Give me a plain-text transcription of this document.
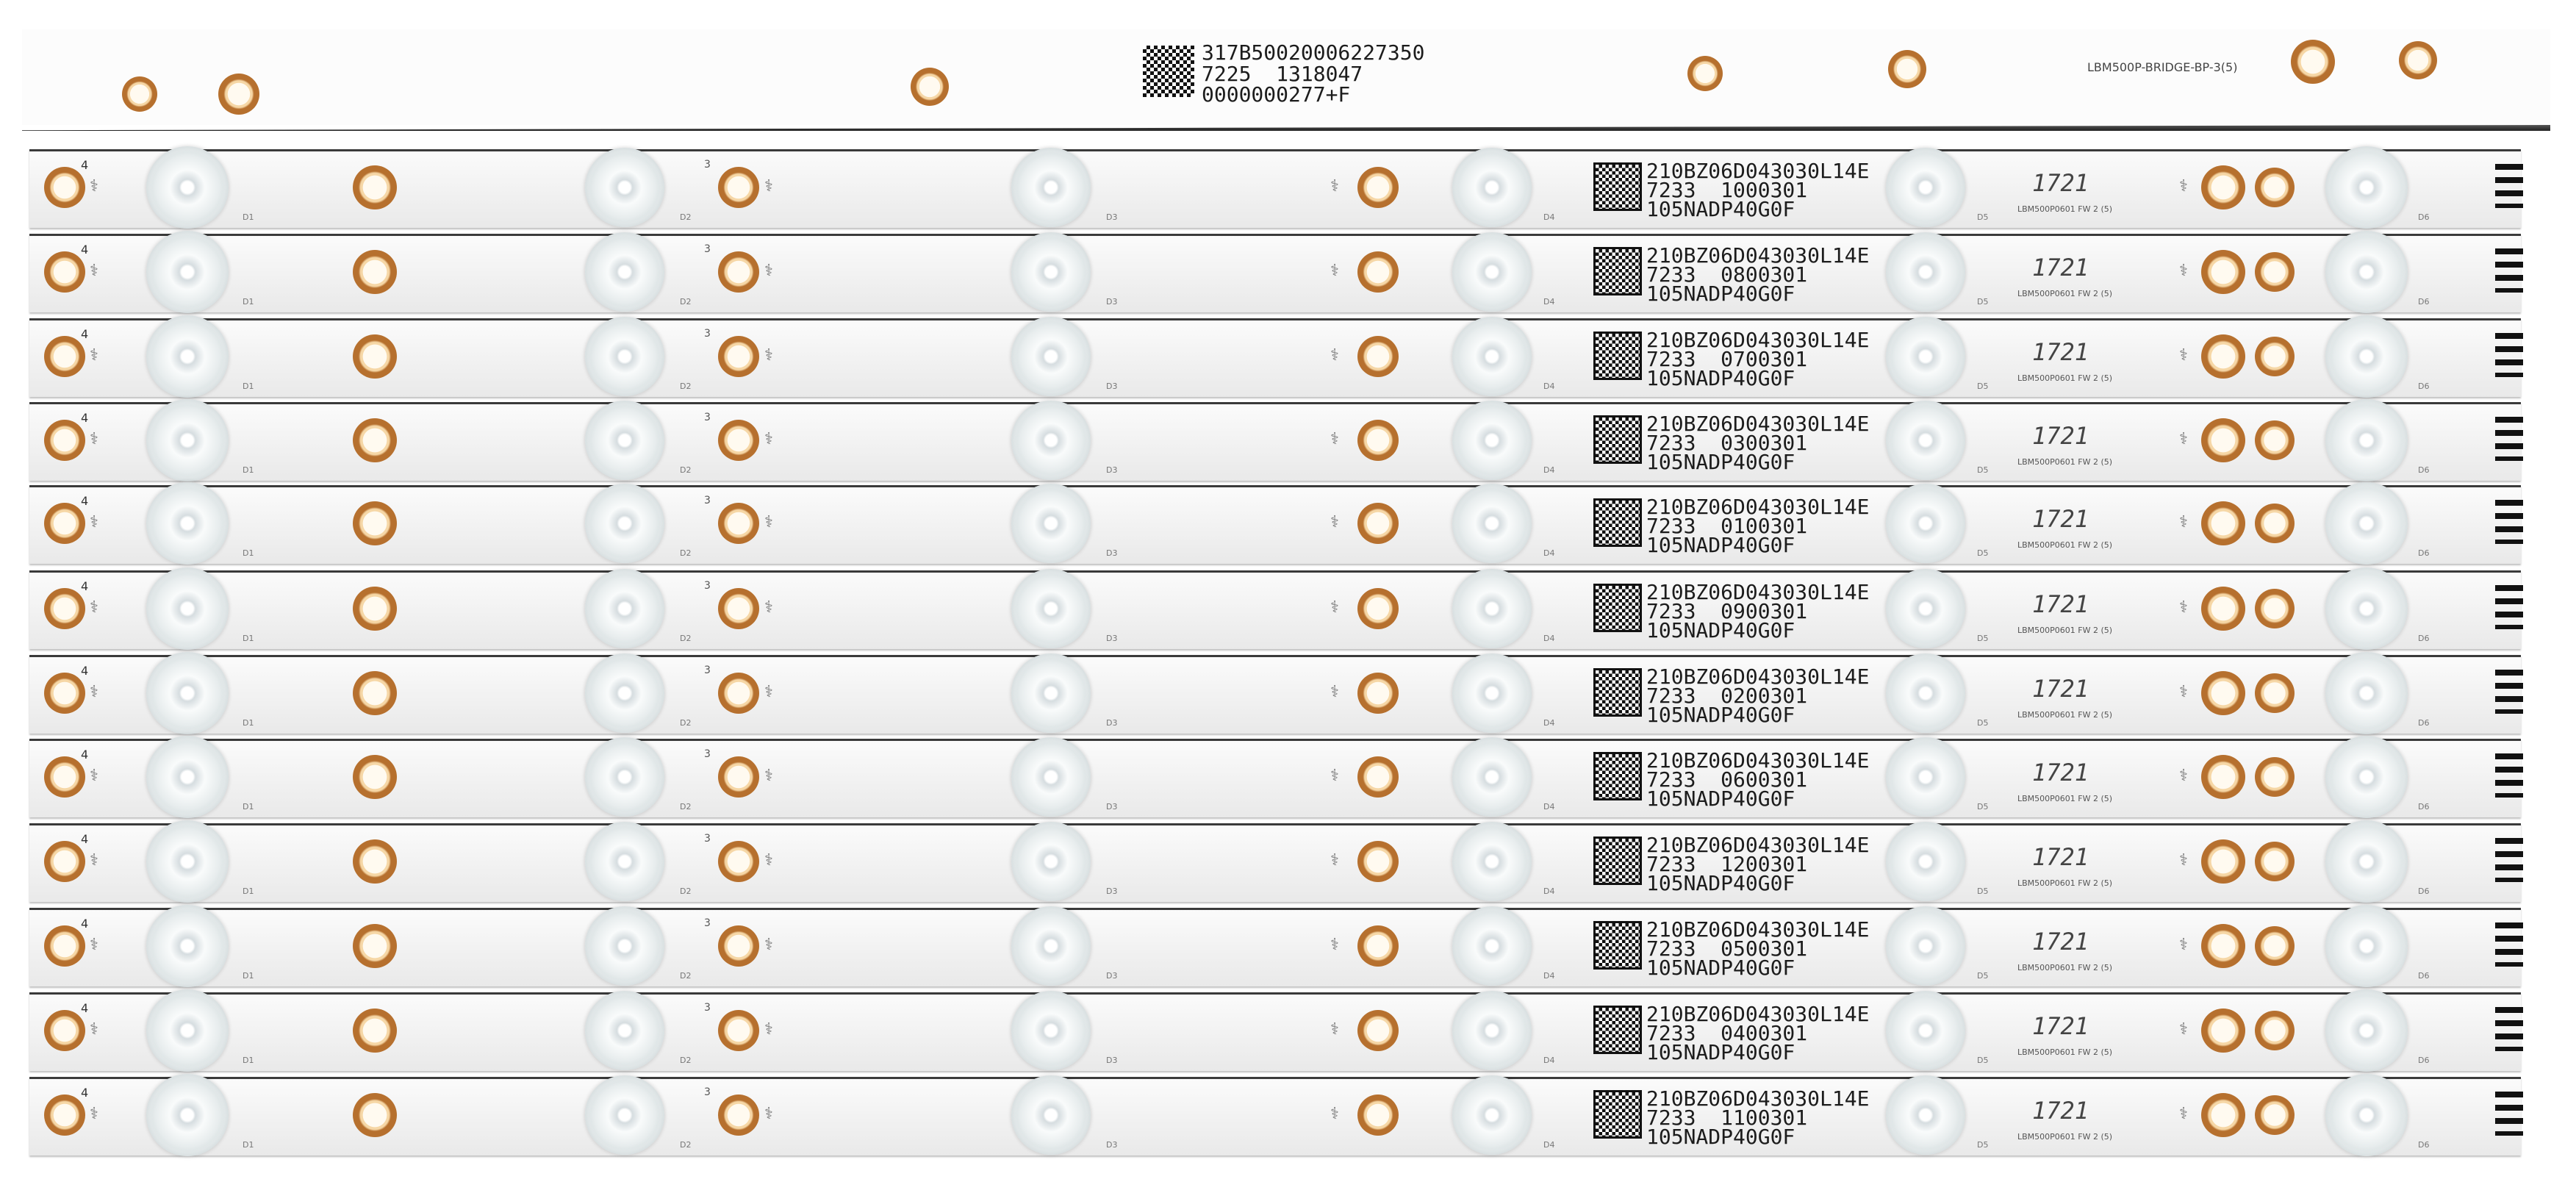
317B50020006227350
7225  1318047
0000000277+F
LBM500P-BRIDGE-BP-3(5)
4
⚕
3
⚕	⚕
210BZ06D043030L14E
7233  1000301
105NADP40G0F
1721
LBM500P0601 FW 2 (5)
⚕
D1	D2	D3	D4	D5	D6
4
⚕
3
⚕	⚕
210BZ06D043030L14E
7233  0800301
105NADP40G0F
1721
LBM500P0601 FW 2 (5)
⚕
D1	D2	D3	D4	D5	D6
4
⚕
3
⚕	⚕
210BZ06D043030L14E
7233  0700301
105NADP40G0F
1721
LBM500P0601 FW 2 (5)
⚕
D1	D2	D3	D4	D5	D6
4
⚕
3
⚕	⚕
210BZ06D043030L14E
7233  0300301
105NADP40G0F
1721
LBM500P0601 FW 2 (5)
⚕
D1	D2	D3	D4	D5	D6
4
⚕
3
⚕	⚕
210BZ06D043030L14E
7233  0100301
105NADP40G0F
1721
LBM500P0601 FW 2 (5)
⚕
D1	D2	D3	D4	D5	D6
4
⚕
3
⚕	⚕
210BZ06D043030L14E
7233  0900301
105NADP40G0F
1721
LBM500P0601 FW 2 (5)
⚕
D1	D2	D3	D4	D5	D6
4
⚕
3
⚕	⚕
210BZ06D043030L14E
7233  0200301
105NADP40G0F
1721
LBM500P0601 FW 2 (5)
⚕
D1	D2	D3	D4	D5	D6
4
⚕
3
⚕	⚕
210BZ06D043030L14E
7233  0600301
105NADP40G0F
1721
LBM500P0601 FW 2 (5)
⚕
D1	D2	D3	D4	D5	D6
4
⚕
3
⚕	⚕
210BZ06D043030L14E
7233  1200301
105NADP40G0F
1721
LBM500P0601 FW 2 (5)
⚕
D1	D2	D3	D4	D5	D6
4
⚕
3
⚕	⚕
210BZ06D043030L14E
7233  0500301
105NADP40G0F
1721
LBM500P0601 FW 2 (5)
⚕
D1	D2	D3	D4	D5	D6
4
⚕
3
⚕	⚕
210BZ06D043030L14E
7233  0400301
105NADP40G0F
1721
LBM500P0601 FW 2 (5)
⚕
D1	D2	D3	D4	D5	D6
4
⚕
3
⚕	⚕
210BZ06D043030L14E
7233  1100301
105NADP40G0F
1721
LBM500P0601 FW 2 (5)
⚕
D1	D2	D3	D4	D5	D6
